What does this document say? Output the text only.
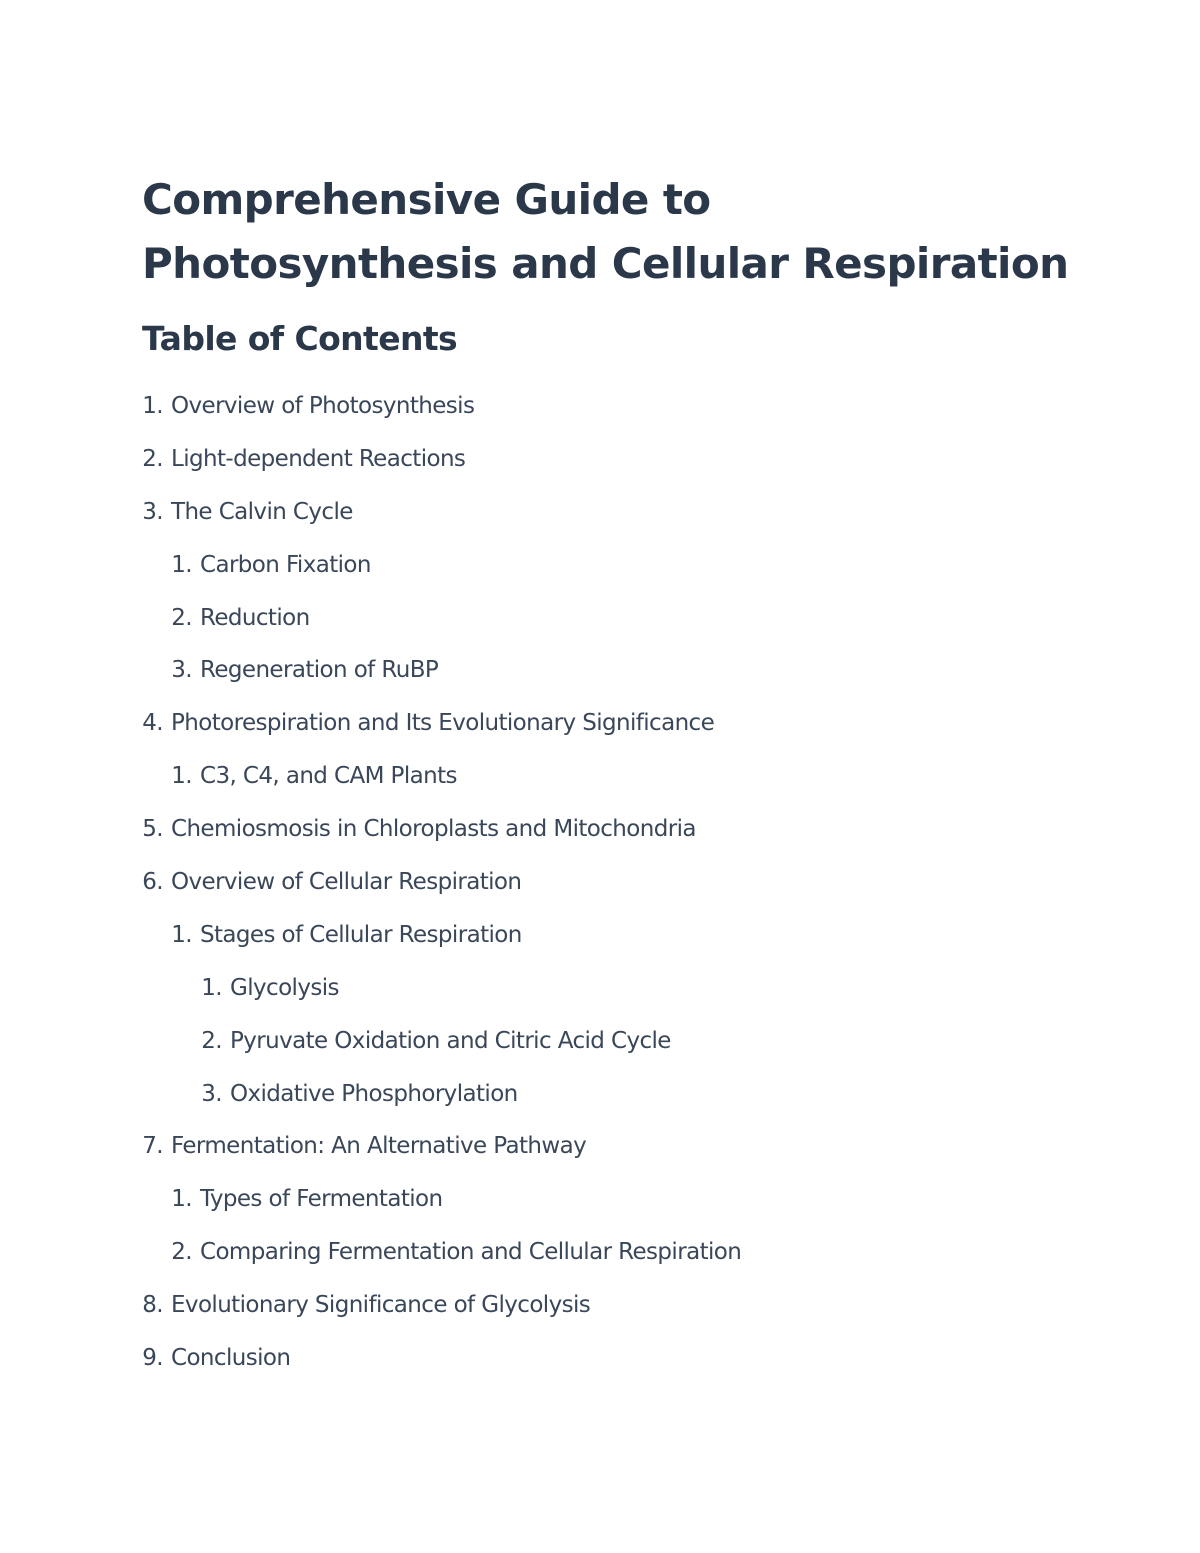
Comprehensive Guide to
Photosynthesis and Cellular Respiration
Table of Contents
1. Overview of Photosynthesis
2. Light-dependent Reactions
3. The Calvin Cycle
1. Carbon Fixation
2. Reduction
3. Regeneration of RuBP
4. Photorespiration and Its Evolutionary Significance
1. C3, C4, and CAM Plants
5. Chemiosmosis in Chloroplasts and Mitochondria
6. Overview of Cellular Respiration
1. Stages of Cellular Respiration
1. Glycolysis
2. Pyruvate Oxidation and Citric Acid Cycle
3. Oxidative Phosphorylation
7. Fermentation: An Alternative Pathway
1. Types of Fermentation
2. Comparing Fermentation and Cellular Respiration
8. Evolutionary Significance of Glycolysis
9. Conclusion
